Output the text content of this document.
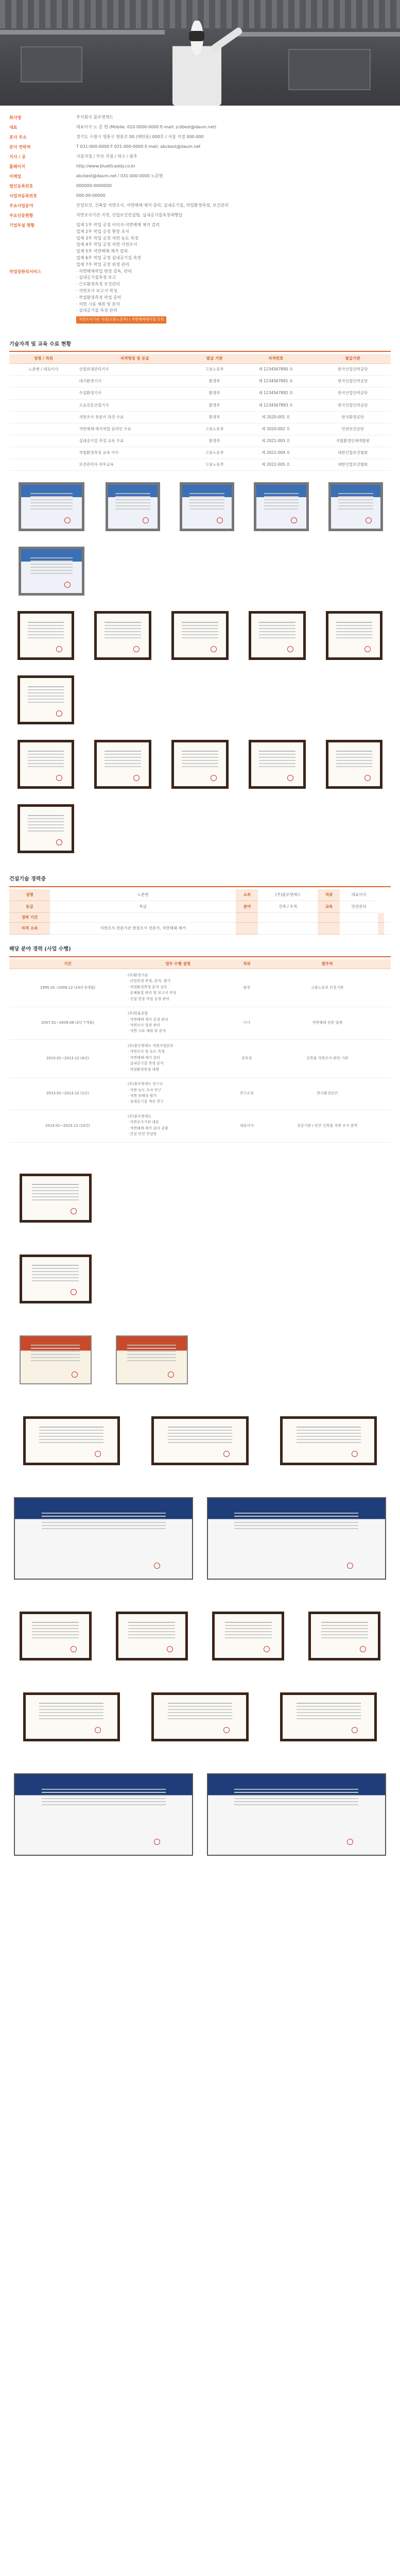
회사명	주식회사 블루엣캐드
대표	대표이사 노 준 현 (Mobile: 010-0000-0000 E-mail: jcdbest@daum.net)
본사 주소	경기도 수원시 영통구 영통로 00 (매탄동) 000호 / 서울 지점 000-000
본사 연락처	T 031-000-0000 F 031-000-0000 E-mail: abcbest@daum.net
지사 / 공	서울지점 / 부산 지점 / 대구 / 광주
홈페이지	http://www.bluettcaddy.co.kr
이메일	abcbest@daum.net / 031-000-0000 노준현
법인등록번호	000000-0000000
사업자등록번호	000-00-00000
주요사업분야	산업보건, 건축물 석면조사, 석면해체·제거 감리, 실내공기질, 작업환경측정, 보건관리
주요인증현황	석면조사기관 지정, 산업보건컨설팅, 실내공기질측정대행업
기업부설 현황	업체 1부 작업 공정 이미지·석면해체 제거 감리
업체 2부 작업 공정 현장 조사
업체 3부 작업 공정 석면 농도 측정
업체 4부 작업 공정 석면 사전조사
업체 5부 석면해체·제거 감리
업체 6부 작업 공정 실내공기질 측정
업체 7부 작업 공정 위생 관리
작업장관리서비스	· 석면해체작업 현장 감독, 관리
· 실내공기질측정 보고
· 근로환경측정 보건관리
· 석면조사 보고서 작성
· 작업환경측정 작업 준비
· 석면 시료 채취 및 분석
· 실내공기질 측정 관리
석면조사기관 지정(고용노동부) / 석면해체제거업 등록
기술자격 및 교육 수료 현황
성명 / 직위	자격명칭 및 등급	발급 기관	자격번호	발급기관
노준현 / 대표이사	산업위생관리기사	고용노동부	제 1234567890 호	한국산업인력공단
	대기환경기사	환경부	제 1234567891 호	한국산업인력공단
	수질환경기사	환경부	제 1234567892 호	한국산업인력공단
	소음진동산업기사	환경부	제 1234567893 호	한국산업인력공단
	석면조사 전문가 과정 수료	환경부	제 2020-001 호	한국환경공단
	석면해체·제거작업 감리인 수료	고용노동부	제 2020-002 호	안전보건공단
	실내공기질 측정 교육 수료	환경부	제 2021-003 호	국립환경인재개발원
	작업환경측정 교육 이수	고용노동부	제 2021-004 호	대한산업보건협회
	보건관리자 직무교육	고용노동부	제 2022-005 호	대한산업보건협회
건설기술 경력증
성명	노준현	소속	(주)블루엣캐드	직위	대표이사		
등급	특급	분야	건축 / 토목	교육	안전관리		
경력 기간							
자격 소속	석면조사 전문기관 현장조사 전문가, 석면해체 제거						
해당 분야 경력 (사업 수행)
기간	업무 수행 설명	직위	발주처
1995.01~2008.12 (14년 0개월)	(주)환경기술
· 산업위생 측정, 분석, 평가
· 작업환경측정 분석 실무
· 유해물질 관리 및 보고서 작성
· 건설 현장 작업 공정 관리	팀장	고용노동부 인증기관
2007.01~2009.08 (2년 7개월)	(주)한울종합
· 석면해체 제거 공정 관리
· 석면조사 현장 관리
· 석면 시료 채취 및 분석	이사	석면해체 전문 업체
2010.01~2013.12 (4년)	(주)블루엣캐드 석면사업본부
· 석면조사 및 농도 측정
· 석면해체·제거 감리
· 실내공기질 측정 분석
· 작업환경측정 대행	본부장	건축물 석면조사 관련 기관
2013.01~2013.12 (1년)	(주)블루엣캐드 연구소
· 석면 농도 조사 연구
· 석면 위해성 평가
· 실내공기질 개선 연구	연구소장	한국환경공단
2014.01~2023.12 (10년)	(주)블루엣캐드
· 석면조사기관 대표
· 석면해체·제거 감리 총괄
· 건설 안전 컨설팅	대표이사	공공기관 / 민간 건축물 석면 조사 용역
